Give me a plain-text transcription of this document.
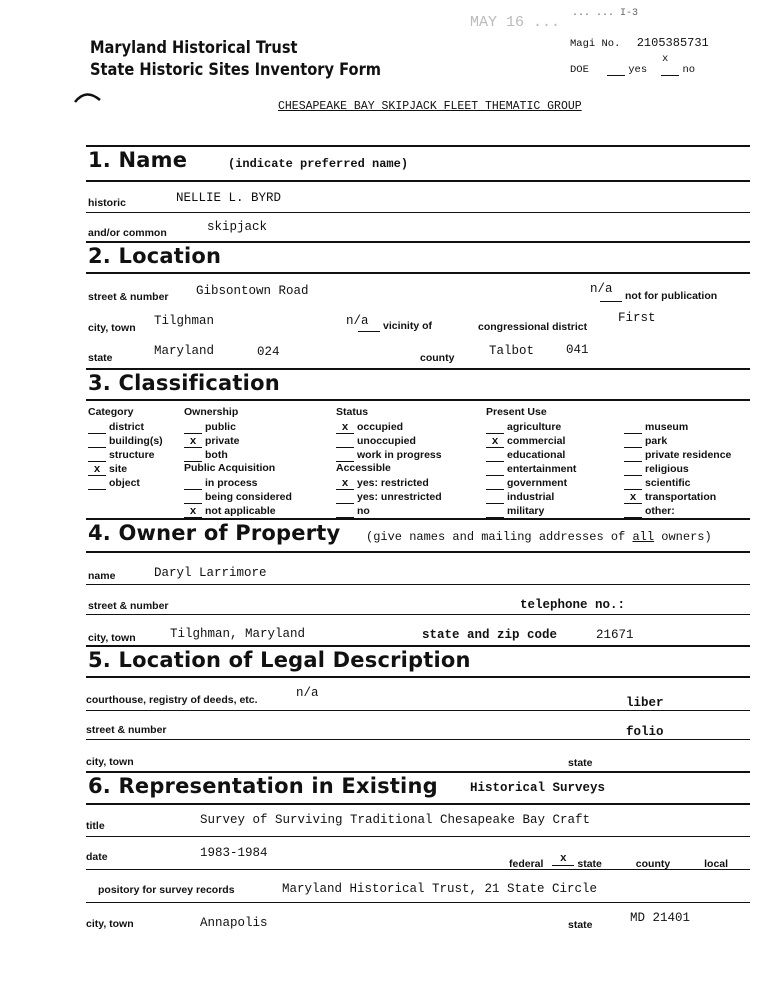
Maryland Historical Trust
State Historic Sites Inventory Form
MAY 16 ...
... ... I-3
Magi No. 2105385731
x
DOE	yes	no
CHESAPEAKE BAY SKIPJACK FLEET THEMATIC GROUP
1. Name	(indicate preferred name)
historic	NELLIE L. BYRD
and/or common	skipjack
2. Location
street & number Gibsontown Road	n/a	not for publication
city, town Tilghman	n/a	vicinity of	congressional district
First
state	Maryland	024	county	Talbot	041
3. Classification
Category
district
building(s)
structure
x site
object
Ownership
public
x private
both
Public Acquisition
in process
being considered
x not applicable
Status
x occupied
unoccupied
work in progress
Accessible
x yes: restricted
yes: unrestricted
no
Present Use
agriculture
x commercial
educational
entertainment
government
industrial
military
museum
park
private residence
religious
scientific
x transportation
other:
4. Owner of Property (give names and mailing addresses of all owners)
name	Daryl Larrimore
street & number	telephone no.:
city, town	Tilghman, Maryland	state and zip code	21671
5. Location of Legal Description
courthouse, registry of deeds, etc.	n/a
liber
street & number	folio
city, town	state
6. Representation in Existing	Historical Surveys
title	Survey of Surviving Traditional Chesapeake Bay Craft
date	1983-1984
federal x state	county	local
pository for survey records	Maryland Historical Trust, 21 State Circle
city, town	Annapolis	state	MD 21401
